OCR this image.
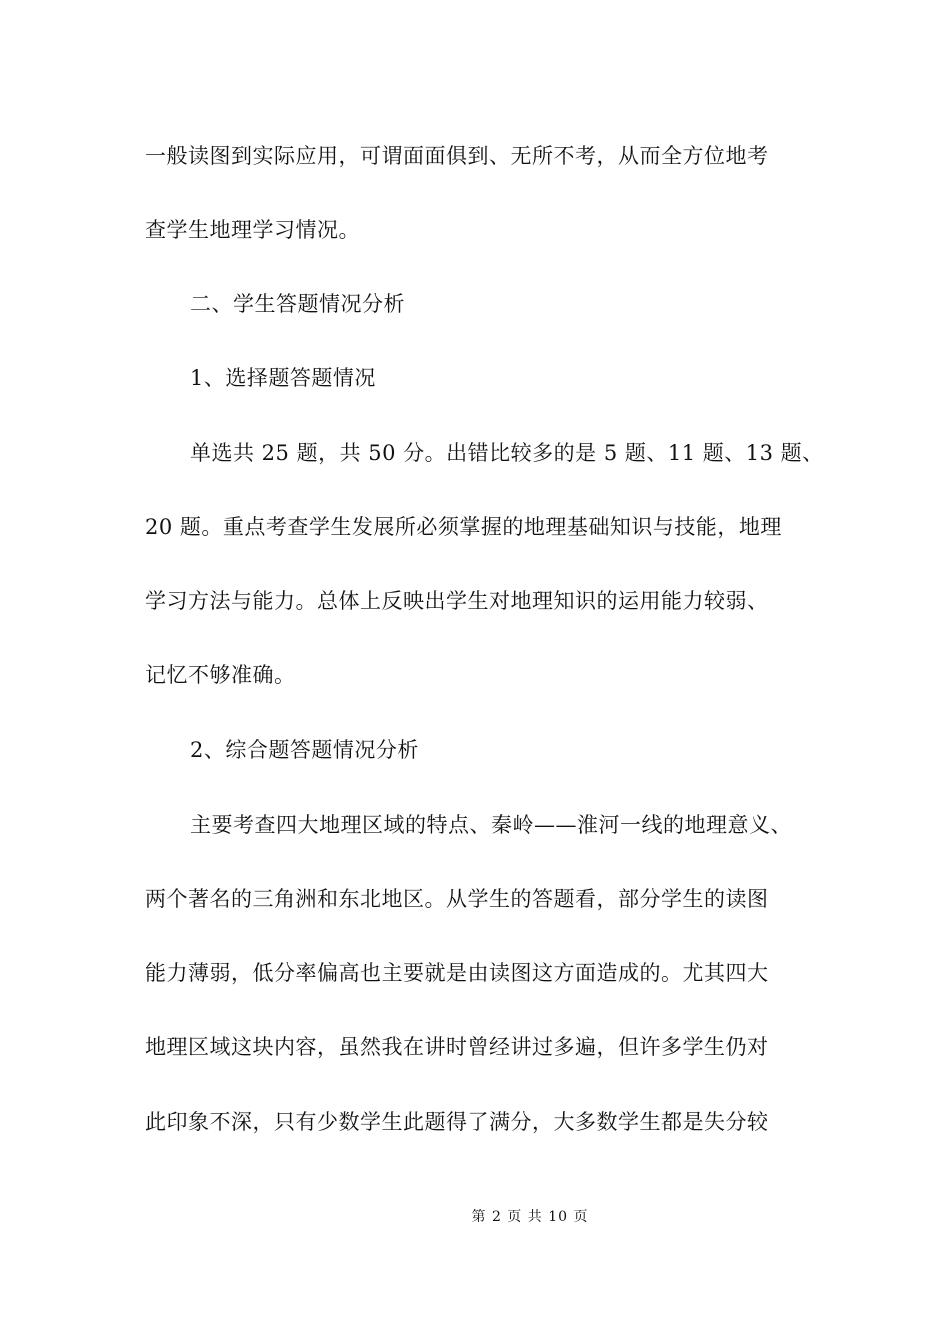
一般读图到实际应用，可谓面面俱到、无所不考，从而全方位地考
查学生地理学习情况。
二、学生答题情况分析
1、选择题答题情况
单选共 25 题，共 50 分。出错比较多的是 5 题、11 题、13 题、
20 题。重点考查学生发展所必须掌握的地理基础知识与技能，地理
学习方法与能力。总体上反映出学生对地理知识的运用能力较弱、
记忆不够准确。
2、综合题答题情况分析
主要考查四大地理区域的特点、秦岭——淮河一线的地理意义、
两个著名的三角洲和东北地区。从学生的答题看，部分学生的读图
能力薄弱，低分率偏高也主要就是由读图这方面造成的。尤其四大
地理区域这块内容，虽然我在讲时曾经讲过多遍，但许多学生仍对
此印象不深，只有少数学生此题得了满分，大多数学生都是失分较
第 2 页 共 10 页
